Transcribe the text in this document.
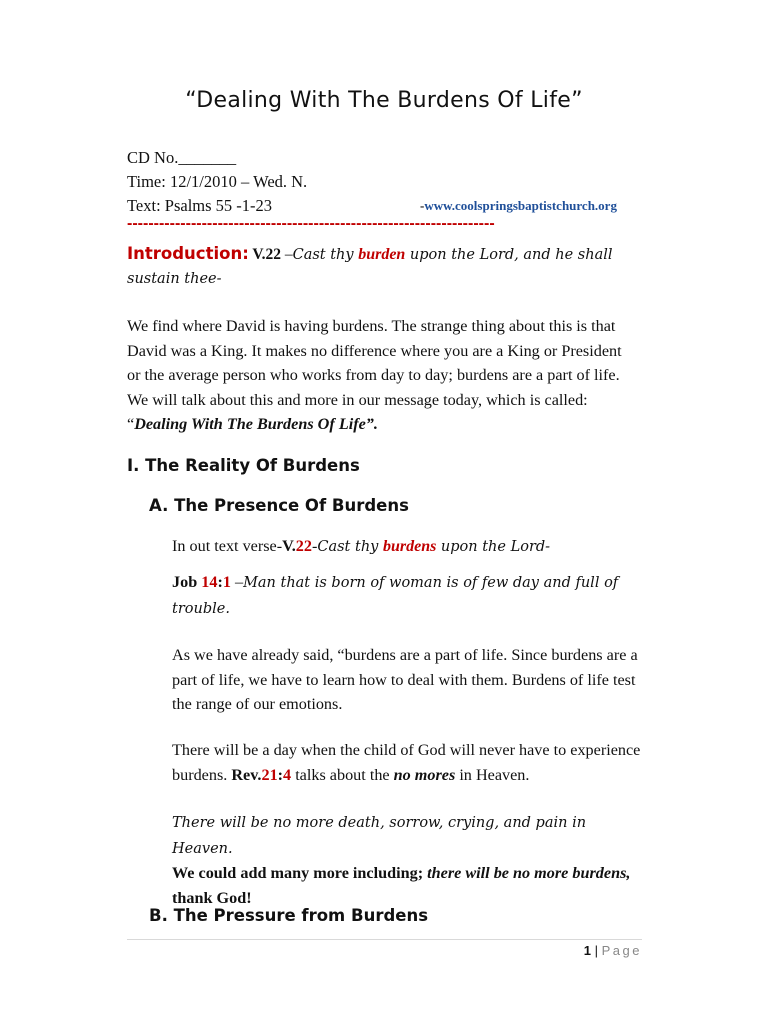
“Dealing With The Burdens Of Life”
CD No._______
Time: 12/1/2010 – Wed. N.
Text: Psalms 55 -1-23	-www.coolspringsbaptistchurch.org
---------------------------------------------------------------------
Introduction: V.22 –Cast thy burden upon the Lord, and he shall sustain thee-
We find where David is having burdens. The strange thing about this is that David was a King. It makes no difference where you are a King or President or the average person who works from day to day; burdens are a part of life. We will talk about this and more in our message today, which is called: “Dealing With The Burdens Of Life”.
I. The Reality Of Burdens
A. The Presence Of Burdens
In out text verse-V.22-Cast thy burdens upon the Lord-
Job 14:1 –Man that is born of woman is of few day and full of trouble.
As we have already said, “burdens are a part of life. Since burdens are a part of life, we have to learn how to deal with them. Burdens of life test the range of our emotions.
There will be a day when the child of God will never have to experience burdens. Rev.21:4 talks about the no mores in Heaven.
There will be no more death, sorrow, crying, and pain in Heaven.
We could add many more including; there will be no more burdens, thank God!
B. The Pressure from Burdens
1 | Page
